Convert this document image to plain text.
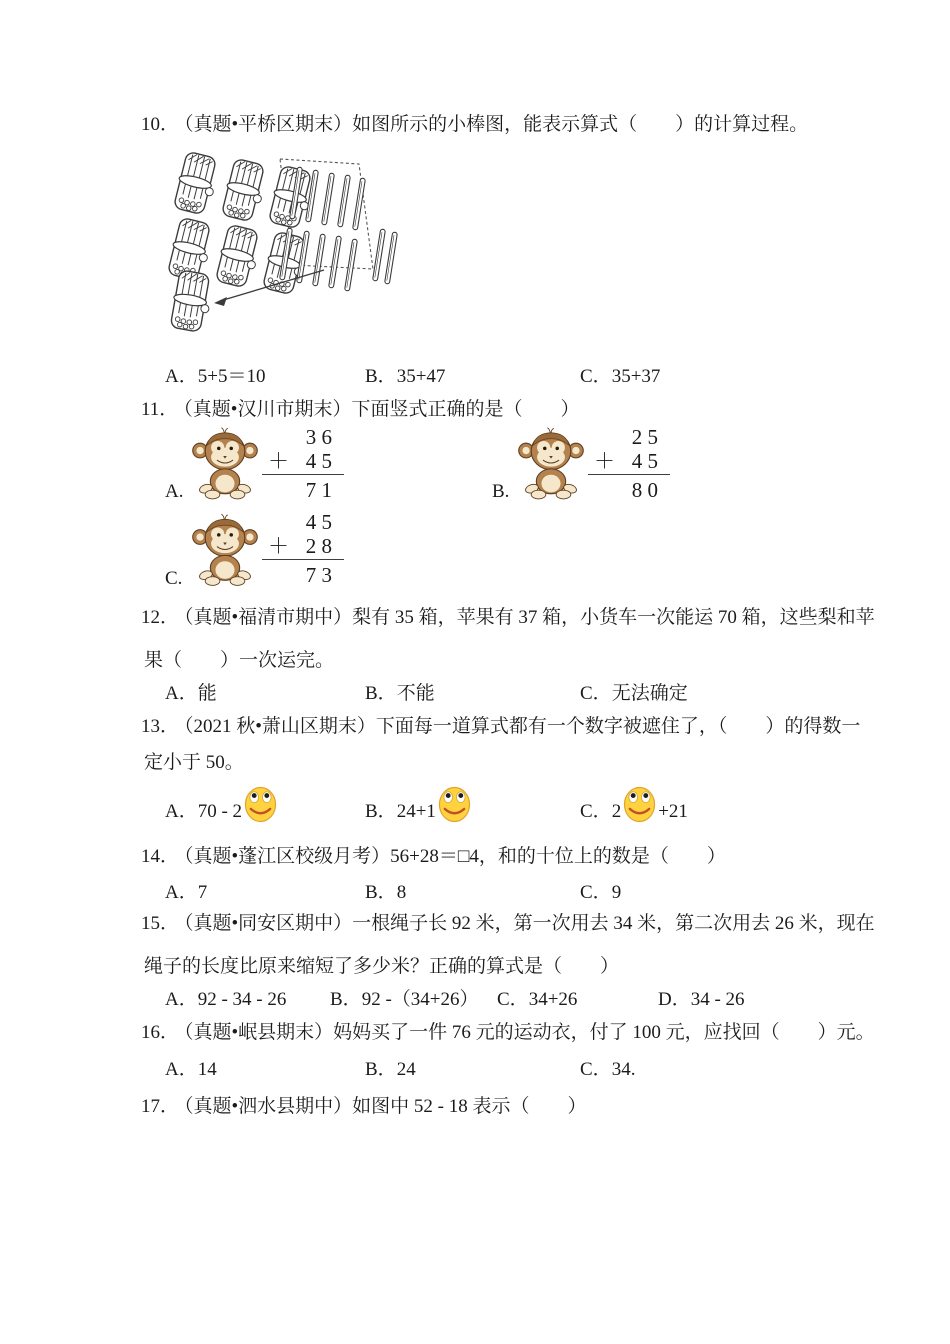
10． （真题•平桥区期末）如图所示的小棒图，能表示算式（　　）的计算过程。
A．5+5＝10	B．35+47	C．35+37
11． （真题•汉川市期末）下面竖式正确的是（　　）
A.
3 6
＋ 4 5
7 1	B.
2 5
＋ 4 5
8 0
C.
4 5
＋ 2 8
7 3
12． （真题•福清市期中）梨有 35 箱，苹果有 37 箱，小货车一次能运 70 箱，这些梨和苹
果（　　）一次运完。
A．能	B．不能	C．无法确定
13． （2021 秋•萧山区期末）下面每一道算式都有一个数字被遮住了，（　　）的得数一
定小于 50。
A．70 - 2	B．24+1	C．2 +21
14． （真题•蓬江区校级月考）56+28＝□4，和的十位上的数是（　　）
A．7	B．8	C．9
15． （真题•同安区期中）一根绳子长 92 米，第一次用去 34 米，第二次用去 26 米，现在
绳子的长度比原来缩短了多少米？正确的算式是（　　）
A．92 - 34 - 26	B．92 -（34+26） C．34+26	D．34 - 26
16． （真题•岷县期末）妈妈买了一件 76 元的运动衣，付了 100 元，应找回（　　）元。
A．14	B．24	C．34.
17． （真题•泗水县期中）如图中 52 - 18 表示（　　）
